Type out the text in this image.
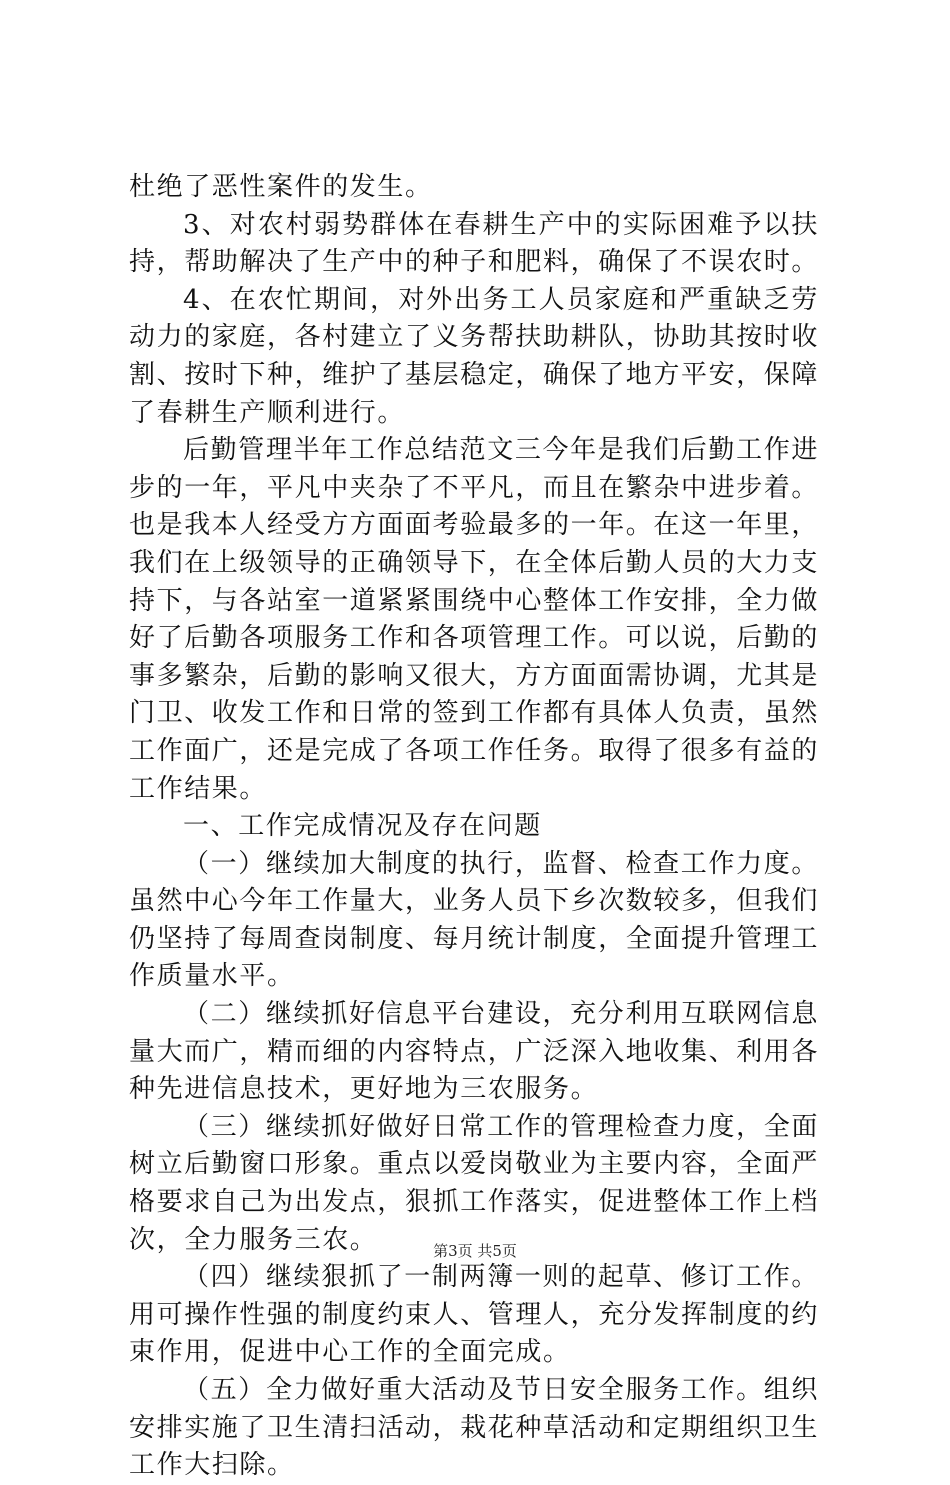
杜绝了恶性案件的发生。

3、对农村弱势群体在春耕生产中的实际困难予以扶持，帮助解决了生产中的种子和肥料，确保了不误农时。

4、在农忙期间，对外出务工人员家庭和严重缺乏劳动力的家庭，各村建立了义务帮扶助耕队，协助其按时收割、按时下种，维护了基层稳定，确保了地方平安，保障了春耕生产顺利进行。

后勤管理半年工作总结范文三今年是我们后勤工作进步的一年，平凡中夹杂了不平凡，而且在繁杂中进步着。也是我本人经受方方面面考验最多的一年。在这一年里，我们在上级领导的正确领导下，在全体后勤人员的大力支持下，与各站室一道紧紧围绕中心整体工作安排，全力做好了后勤各项服务工作和各项管理工作。可以说，后勤的事多繁杂，后勤的影响又很大，方方面面需协调，尤其是门卫、收发工作和日常的签到工作都有具体人负责，虽然工作面广，还是完成了各项工作任务。取得了很多有益的工作结果。

一、工作完成情况及存在问题

（一）继续加大制度的执行，监督、检查工作力度。虽然中心今年工作量大，业务人员下乡次数较多，但我们仍坚持了每周查岗制度、每月统计制度，全面提升管理工作质量水平。

（二）继续抓好信息平台建设，充分利用互联网信息量大而广，精而细的内容特点，广泛深入地收集、利用各种先进信息技术，更好地为三农服务。

（三）继续抓好做好日常工作的管理检查力度，全面树立后勤窗口形象。重点以爱岗敬业为主要内容，全面严格要求自己为出发点，狠抓工作落实，促进整体工作上档次，全力服务三农。

（四）继续狠抓了一制两簿一则的起草、修订工作。用可操作性强的制度约束人、管理人，充分发挥制度的约束作用，促进中心工作的全面完成。

（五）全力做好重大活动及节日安全服务工作。组织安排实施了卫生清扫活动，栽花种草活动和定期组织卫生工作大扫除。

第3页 共5页
